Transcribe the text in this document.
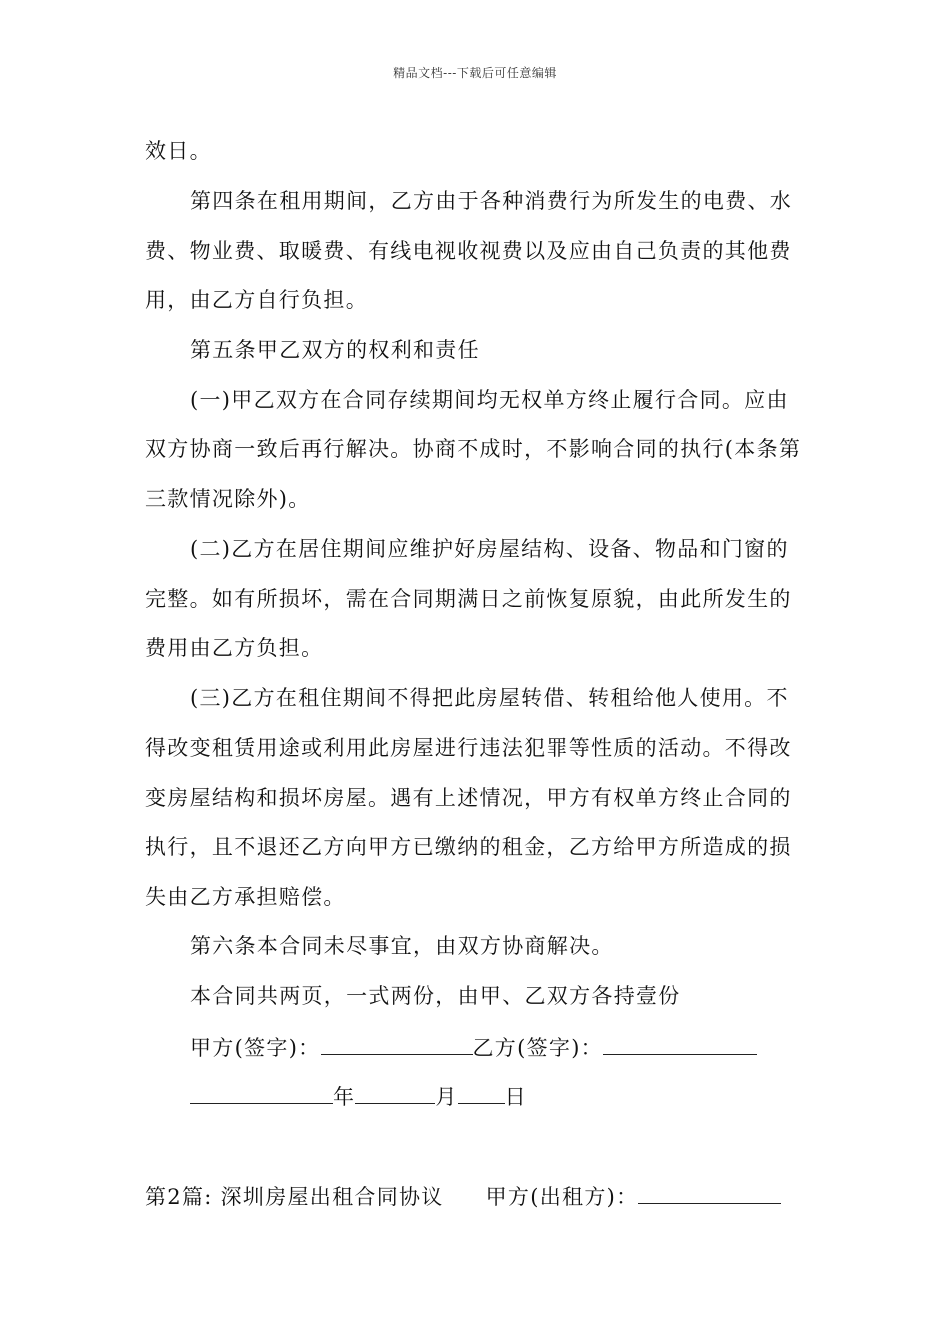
精品文档---下载后可任意编辑
效日。
第四条在租用期间，乙方由于各种消费行为所发生的电费、水
费、物业费、取暖费、有线电视收视费以及应由自己负责的其他费
用，由乙方自行负担。
第五条甲乙双方的权利和责任
(一)甲乙双方在合同存续期间均无权单方终止履行合同。应由
双方协商一致后再行解决。协商不成时，不影响合同的执行(本条第
三款情况除外)。
(二)乙方在居住期间应维护好房屋结构、设备、物品和门窗的
完整。如有所损坏，需在合同期满日之前恢复原貌，由此所发生的
费用由乙方负担。
(三)乙方在租住期间不得把此房屋转借、转租给他人使用。不
得改变租赁用途或利用此房屋进行违法犯罪等性质的活动。不得改
变房屋结构和损坏房屋。遇有上述情况，甲方有权单方终止合同的
执行，且不退还乙方向甲方已缴纳的租金，乙方给甲方所造成的损
失由乙方承担赔偿。
第六条本合同未尽事宜，由双方协商解决。
本合同共两页，一式两份，由甲、乙双方各持壹份
甲方(签字)：	乙方(签字)：
年	月 日
第2篇: 深圳房屋出租合同协议 甲方(出租方)：
